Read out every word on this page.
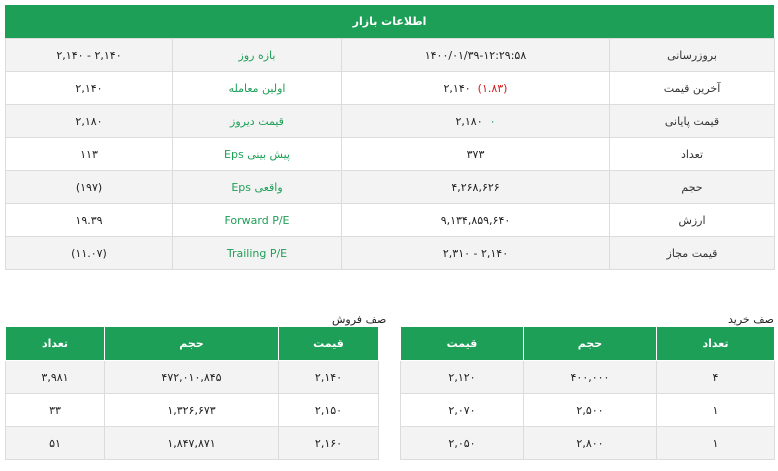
اطلاعات بازار
۲,۱۴۰ - ۲,۱۴۰	بازه روز	۱۴۰۰/۰۱/۳۹-۱۲:۲۹:۵۸	بروزرسانی
۲,۱۴۰	اولین معامله	۲,۱۴۰ (۱.۸۳)	آخرین قیمت
۲,۱۸۰	قیمت دیروز	۲,۱۸۰ ۰	قیمت پایانی
۱۱۳	Eps پیش بینی	۳۷۳	تعداد
(۱۹۷)	Eps واقعی	۴,۲۶۸,۶۲۶	حجم
۱۹.۳۹	Forward P/E	۹,۱۳۴,۸۵۹,۶۴۰	ارزش
(۱۱.۰۷)	Trailing P/E	۲,۳۱۰ - ۲,۱۴۰	قیمت مجاز
صف فروش
تعداد	حجم	قیمت
۳,۹۸۱	۴۷۲,۰۱۰,۸۴۵	۲,۱۴۰
۳۳	۱,۳۲۶,۶۷۳	۲,۱۵۰
۵۱	۱,۸۴۷,۸۷۱	۲,۱۶۰
صف خرید
قیمت	حجم	تعداد
۲,۱۲۰	۴۰۰,۰۰۰	۴
۲,۰۷۰	۲,۵۰۰	۱
۲,۰۵۰	۲,۸۰۰	۱
